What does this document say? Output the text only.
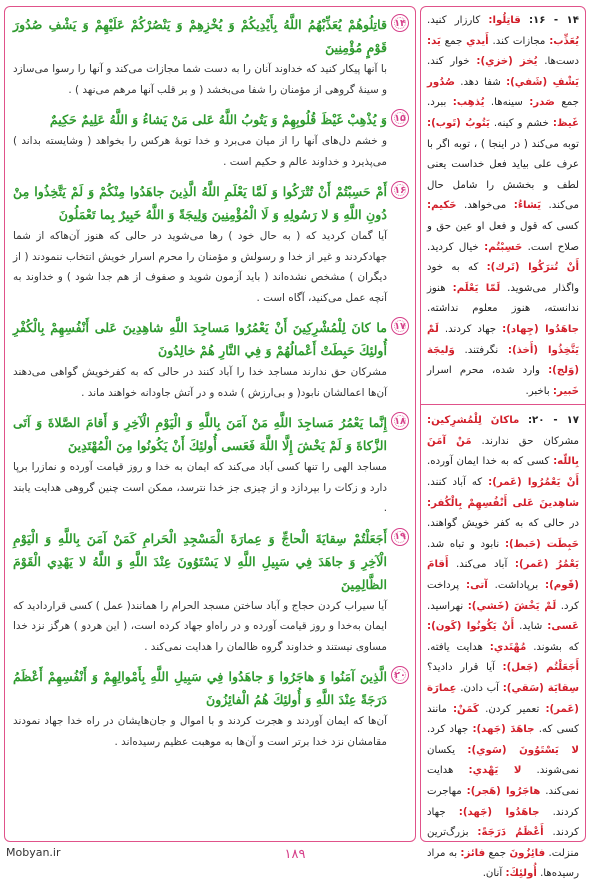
١۴

قاتِلُوهُمْ يُعَذِّبْهُمُ اللَّهُ بِأَيْدِيكُمْ وَ يُخْزِهِمْ وَ يَنْصُرْكُمْ عَلَيْهِمْ وَ يَشْفِ صُدُورَ قَوْمٍ مُؤْمِنِينَ

با آنها پیکار کنید که خداوند آنان را به دست شما مجازات می‌کند و آنها را رسوا می‌سازد و سینهٔ گروهی از مؤمنان را شفا می‌بخشد ( و بر قلب آنها مرهم می‌نهد ) .

١۵

وَ يُذْهِبْ غَيْظَ قُلُوبِهِمْ وَ يَتُوبُ اللَّهُ عَلى مَنْ يَشاءُ وَ اللَّهُ عَلِيمٌ حَكِيمٌ

و خشم دل‌های آنها را از میان می‌برد و خدا توبهٔ هرکس را بخواهد ( وشایسته بداند ) می‌پذیرد و خداوند عالم و حکیم است .

١۶

أَمْ حَسِبْتُمْ أَنْ تُتْرَكُوا وَ لَمَّا يَعْلَمِ اللَّهُ الَّذِينَ جاهَدُوا مِنْكُمْ وَ لَمْ يَتَّخِذُوا مِنْ دُونِ اللَّهِ وَ لا رَسُولِهِ وَ لَا الْمُؤْمِنِينَ وَلِيجَةً وَ اللَّهُ خَبِيرٌ بِما تَعْمَلُونَ

آیا گمان کردید که ( به حال خود ) رها می‌شوید در حالی که هنوز آن‌هاکه از شما جهادکردند و غیر از خدا و رسولش و مؤمنان را محرم اسرار خویش انتخاب ننمودند ( از دیگران ) مشخص نشده‌اند ( باید آزمون شوید و صفوف از هم جدا شود ) و خداوند به آنچه عمل می‌کنید، آگاه است .

١٧

ما كانَ لِلْمُشْرِكِينَ أَنْ يَعْمُرُوا مَساجِدَ اللَّهِ شاهِدِينَ عَلى أَنْفُسِهِمْ بِالْكُفْرِ أُولئِكَ حَبِطَتْ أَعْمالُهُمْ وَ فِي النَّارِ هُمْ خالِدُونَ

مشرکان حق ندارند مساجد خدا را آباد کنند در حالی که به کفرخویش گواهی می‌دهند آن‌ها اعمالشان نابود( و بی‌ارزش ) شده و در آتش جاودانه خواهند ماند .

١٨

إِنَّما يَعْمُرُ مَساجِدَ اللَّهِ مَنْ آمَنَ بِاللَّهِ وَ الْيَوْمِ الْآخِرِ وَ أَقامَ الصَّلاةَ وَ آتَى الزَّكاةَ وَ لَمْ يَخْشَ إِلَّا اللَّهَ فَعَسى أُولئِكَ أَنْ يَكُونُوا مِنَ الْمُهْتَدِينَ

مساجد الهی را تنها کسی آباد می‌کند که ایمان به خدا و روز قیامت آورده و نمازرا برپا دارد و زکات را بپردازد و از چیزی جز خدا نترسد، ممکن است چنین گروهی هدایت یابند .

١٩

أَجَعَلْتُمْ سِقايَةَ الْحاجِّ وَ عِمارَةَ الْمَسْجِدِ الْحَرامِ كَمَنْ آمَنَ بِاللَّهِ وَ الْيَوْمِ الْآخِرِ وَ جاهَدَ فِي سَبِيلِ اللَّهِ لا يَسْتَوُونَ عِنْدَ اللَّهِ وَ اللَّهُ لا يَهْدِي الْقَوْمَ الظَّالِمِينَ

آیا سیراب کردن حجاج و آباد ساختن مسجد الحرام را همانند( عمل ) کسی قراردادید که ایمان به‌خدا و روز قیامت آورده و در راه‌او جهاد کرده است، ( این هردو ) هرگز نزد خدا مساوی نیستند و خداوند گروه ظالمان را هدایت نمی‌کند .

٢٠

الَّذِينَ آمَنُوا وَ هاجَرُوا وَ جاهَدُوا فِي سَبِيلِ اللَّهِ بِأَمْوالِهِمْ وَ أَنْفُسِهِمْ أَعْظَمُ دَرَجَةً عِنْدَ اللَّهِ وَ أُولئِكَ هُمُ الْفائِزُونَ

آن‌ها که ایمان آوردند و هجرت کردند و با اموال و جان‌هایشان در راه خدا جهاد نمودند مقامشان نزد خدا برتر است و آن‌ها به موهبت عظیم رسیده‌اند .

١۴ - ١۶: قاتِلُوا: کارزار کنید. يُعَذِّب: مجازات کند. أَيدي جمع يَد: دست‌ها. يُخز (خزي): خوار کند. يَشْفِ (شَفي): شفا دهد. صُدُور جمع صَدر: سینه‌ها. يُذهِب: ببرد. غَيظ: خشم و کینه. يَتُوبُ (تَوب): توبه می‌کند ( در اینجا ) ، توبه اگر با عرف علی بیاید فعل خداست یعنی لطف و بخشش را شامل حال می‌کند. يَشاءُ: می‌خواهد. حَكيم: کسی که قول و فعل او عین حق و صلاح است. حَسِبْتُم: خیال کردید. أَنْ تُترَكُوا (تَرك): که به خود واگذار می‌شوید. لَمّا يَعْلَم: هنوز ندانسته، هنوز معلوم نداشته. جاهَدُوا (جِهاد): جهاد کردند. لَمْ يَتَّخِذُوا (أَخذ): نگرفتند. وَليجَة (وَلج): وارد شده، محرم اسرار خَبير: باخبر.
١٧ - ٢٠: ماكانَ لِلْمُشرِكين: مشرکان حق ندارند. مَنْ آمَنَ بِاللّه: کسی که به خدا ایمان آورده. أَنْ يَعْمُرُوا (عَمر): که آباد کنند. شاهِدينَ عَلى أَنْفُسِهِمْ بِالْكُفر: در حالی که به کفر خویش گواهند. حَبِطَت (حَبط): نابود و تباه شد. يَعْمُرُ (عَمر): آباد می‌کند. أَقامَ (قَوم): برپاداشت. آتی: پرداخت کرد. لَمْ يَخْشَ (خَشي): نهراسید. عَسی: شاید. أَنْ يَكُونُوا (كَون): که بشوند. مُهْتَدي: هدایت یافته. أَجَعَلْتُم (جَعل): آیا قرار دادید؟ سِقايَة (سَقي): آب دادن. عِمارَة (عَمر): تعمیر کردن. كَمَنْ: مانند کسی که. جاهَدَ (جَهد): جهاد کرد. لا يَسْتَوُونَ (سَوي): یکسان نمی‌شوند. لا يَهْدي: هدایت نمی‌کند. هاجَرُوا (هَجر): مهاجرت کردند. جاهَدُوا (جَهد): جهاد کردند. أَعْظَمُ دَرَجَةً: بزرگ‌ترین منزلت. فائِزُونَ جمع فائز: به مراد رسیده‌ها. أُولئِكَ: آنان.
Mobyan.ir	١٨٩
